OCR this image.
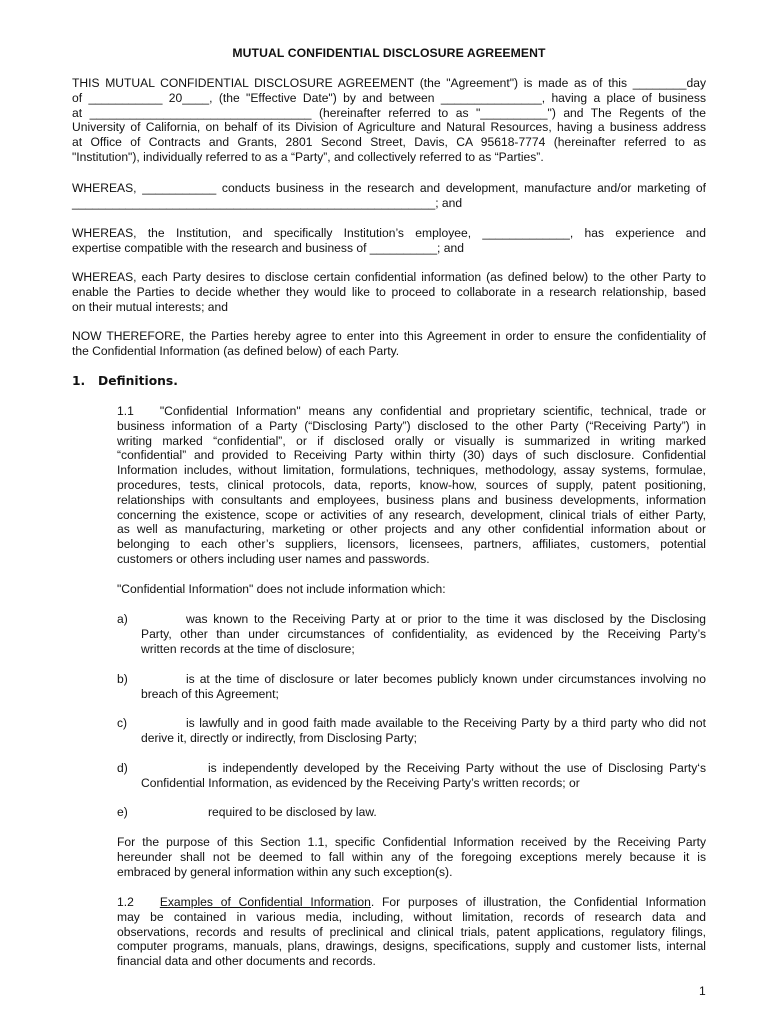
MUTUAL CONFIDENTIAL DISCLOSURE AGREEMENT

THIS MUTUAL CONFIDENTIAL DISCLOSURE AGREEMENT (the "Agreement") is made as of this ________day

of ___________ 20____, (the "Effective Date") by and between _______________, having a place of business

at _________________________________ (hereinafter referred to as "__________") and The Regents of the

University of California, on behalf of its Division of Agriculture and Natural Resources, having a business address

at Office of Contracts and Grants, 2801 Second Street, Davis, CA 95618-7774 (hereinafter referred to as

"Institution"), individually referred to as a “Party”, and collectively referred to as “Parties”.

WHEREAS, ___________ conducts business in the research and development, manufacture and/or marketing of

______________________________________________________; and

WHEREAS, the Institution, and specifically Institution’s employee, _____________, has experience and

expertise compatible with the research and business of __________; and

WHEREAS, each Party desires to disclose certain confidential information (as defined below) to the other Party to

enable the Parties to decide whether they would like to proceed to collaborate in a research relationship, based

on their mutual interests; and

NOW THEREFORE, the Parties hereby agree to enter into this Agreement in order to ensure the confidentiality of

the Confidential Information (as defined below) of each Party.

1. Definitions.

1.1 "Confidential Information" means any confidential and proprietary scientific, technical, trade or

business information of a Party (“Disclosing Party”) disclosed to the other Party (“Receiving Party”) in

writing marked “confidential”, or if disclosed orally or visually is summarized in writing marked

“confidential” and provided to Receiving Party within thirty (30) days of such disclosure. Confidential

Information includes, without limitation, formulations, techniques, methodology, assay systems, formulae,

procedures, tests, clinical protocols, data, reports, know-how, sources of supply, patent positioning,

relationships with consultants and employees, business plans and business developments, information

concerning the existence, scope or activities of any research, development, clinical trials of either Party,

as well as manufacturing, marketing or other projects and any other confidential information about or

belonging to each other’s suppliers, licensors, licensees, partners, affiliates, customers, potential

customers or others including user names and passwords.

"Confidential Information" does not include information which:

a)	was known to the Receiving Party at or prior to the time it was disclosed by the Disclosing

Party, other than under circumstances of confidentiality, as evidenced by the Receiving Party’s

written records at the time of disclosure;

b)	is at the time of disclosure or later becomes publicly known under circumstances involving no

breach of this Agreement;

c)	is lawfully and in good faith made available to the Receiving Party by a third party who did not

derive it, directly or indirectly, from Disclosing Party;

d)	is independently developed by the Receiving Party without the use of Disclosing Party‘s

Confidential Information, as evidenced by the Receiving Party’s written records; or

e)	required to be disclosed by law.

For the purpose of this Section 1.1, specific Confidential Information received by the Receiving Party

hereunder shall not be deemed to fall within any of the foregoing exceptions merely because it is

embraced by general information within any such exception(s).

1.2 Examples of Confidential Information. For purposes of illustration, the Confidential Information

may be contained in various media, including, without limitation, records of research data and

observations, records and results of preclinical and clinical trials, patent applications, regulatory filings,

computer programs, manuals, plans, drawings, designs, specifications, supply and customer lists, internal

financial data and other documents and records.

1
